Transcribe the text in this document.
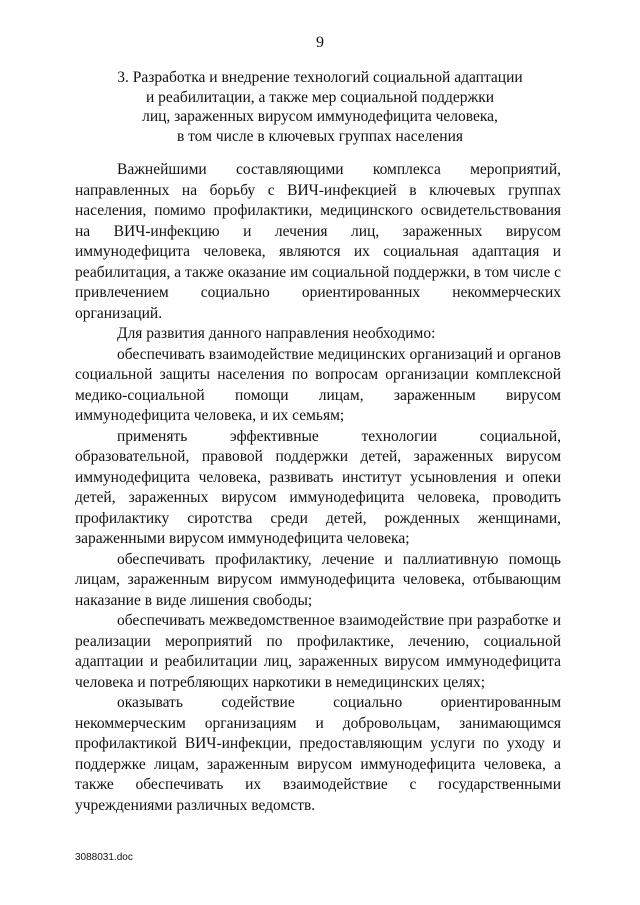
9
3. Разработка и внедрение технологий социальной адаптации
и реабилитации, а также мер социальной поддержки
лиц, зараженных вирусом иммунодефицита человека,
в том числе в ключевых группах населения

Важнейшими составляющими комплекса мероприятий, направленных на борьбу с ВИЧ-инфекцией в ключевых группах населения, помимо профилактики, медицинского освидетельствования на ВИЧ-инфекцию и лечения лиц, зараженных вирусом иммунодефицита человека, являются их социальная адаптация и реабилитация, а также оказание им социальной поддержки, в том числе с привлечением социально ориентированных некоммерческих организаций.

Для развития данного направления необходимо:

обеспечивать взаимодействие медицинских организаций и органов социальной защиты населения по вопросам организации комплексной медико-социальной помощи лицам, зараженным вирусом иммунодефицита человека, и их семьям;

применять эффективные технологии социальной, образовательной, правовой поддержки детей, зараженных вирусом иммунодефицита человека, развивать институт усыновления и опеки детей, зараженных вирусом иммунодефицита человека, проводить профилактику сиротства среди детей, рожденных женщинами, зараженными вирусом иммунодефицита человека;

обеспечивать профилактику, лечение и паллиативную помощь лицам, зараженным вирусом иммунодефицита человека, отбывающим наказание в виде лишения свободы;

обеспечивать межведомственное взаимодействие при разработке и реализации мероприятий по профилактике, лечению, социальной адаптации и реабилитации лиц, зараженных вирусом иммунодефицита человека и потребляющих наркотики в немедицинских целях;

оказывать содействие социально ориентированным некоммерческим организациям и добровольцам, занимающимся профилактикой ВИЧ-инфекции, предоставляющим услуги по уходу и поддержке лицам, зараженным вирусом иммунодефицита человека, а также обеспечивать их взаимодействие с государственными учреждениями различных ведомств.

3088031.doc
